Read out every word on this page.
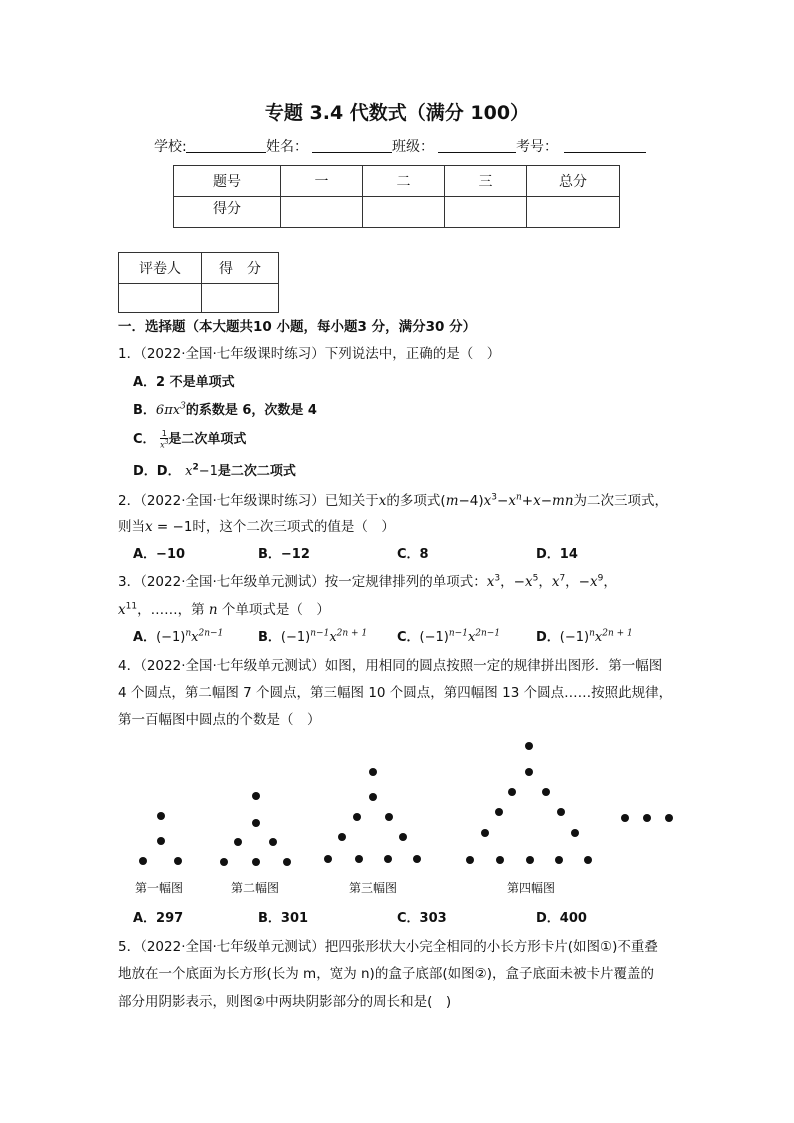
专题 3.4 代数式（满分 100）
学校:	姓名：	班级：	考号：
题号	一	二	三	总分
得分				
评卷人	得　分

一．选择题（本大题共10 小题，每小题3 分，满分30 分）
1．（2022·全国·七年级课时练习）下列说法中，正确的是（　）
A．2 不是单项式
B．$6\pi x^3$的系数是 6，次数是 4
C． 1
$x^3$是二次单项式
D．D． $x^2-1$是二次二项式
2．（2022·全国·七年级课时练习）已知关于x的多项式$(m-4)x^3-x^n+x-mn$为二次三项式，
则当x = −1时，这个二次三项式的值是（　）
A．−10	B．−12	C．8	D．14
3．（2022·全国·七年级单元测试）按一定规律排列的单项式：$x^3$，$-x^5$，$x^7$，$-x^9$，
$x^{11}$，……，第 n 个单项式是（　）
A．$(-1)^nx^{2n-1}$	B．$(-1)^{n-1}x^{2n + 1}$ C．$(-1)^{n-1}x^{2n-1}$	D．$(-1)^nx^{2n + 1}$
4．（2022·全国·七年级单元测试）如图，用相同的圆点按照一定的规律拼出图形．第一幅图
4 个圆点，第二幅图 7 个圆点，第三幅图 10 个圆点，第四幅图 13 个圆点……按照此规律，
第一百幅图中圆点的个数是（　）
第一幅图	第二幅图	第三幅图	第四幅图
A．297	B．301	C．303	D．400
5．（2022·全国·七年级单元测试）把四张形状大小完全相同的小长方形卡片(如图①)不重叠
地放在一个底面为长方形(长为 m，宽为 n)的盒子底部(如图②)，盒子底面未被卡片覆盖的
部分用阴影表示，则图②中两块阴影部分的周长和是(　)
